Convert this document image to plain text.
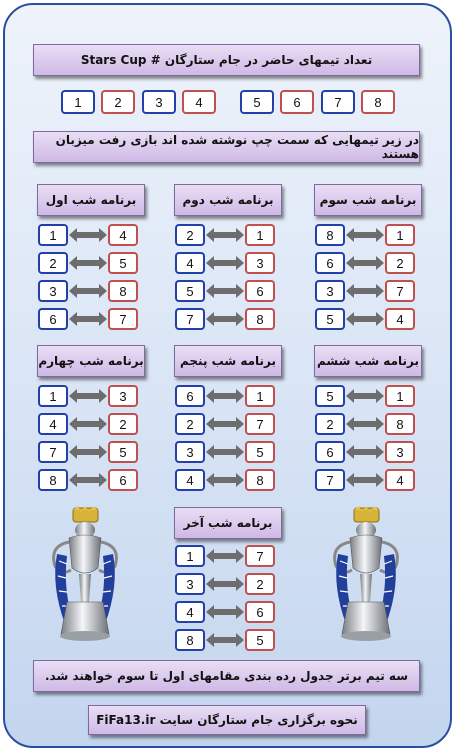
تعداد تیمهای حاضر در جام ستارگان # Stars Cup
1	2	3	4	5	6	7	8
در زیر تیمهایی که سمت چپ نوشته شده اند بازی رفت میزبان هستند
برنامه شب اول	برنامه شب دوم	برنامه شب سوم
برنامه شب چهارم	برنامه شب پنجم	برنامه شب ششم
برنامه شب آخر
1	4
2	5
3	8
6	7
2	1
4	3
5	6
7	8
8	1
6	2
3	7
5	4
1	3
4	2
7	5
8	6
6	1
2	7
3	5
4	8
5	1
2	8
6	3
7	4
1	7
3	2
4	6
8	5
سه تیم برتر جدول رده بندی مقامهای اول تا سوم خواهند شد.
نحوه برگزاری جام ستارگان سایت FiFa13.ir
